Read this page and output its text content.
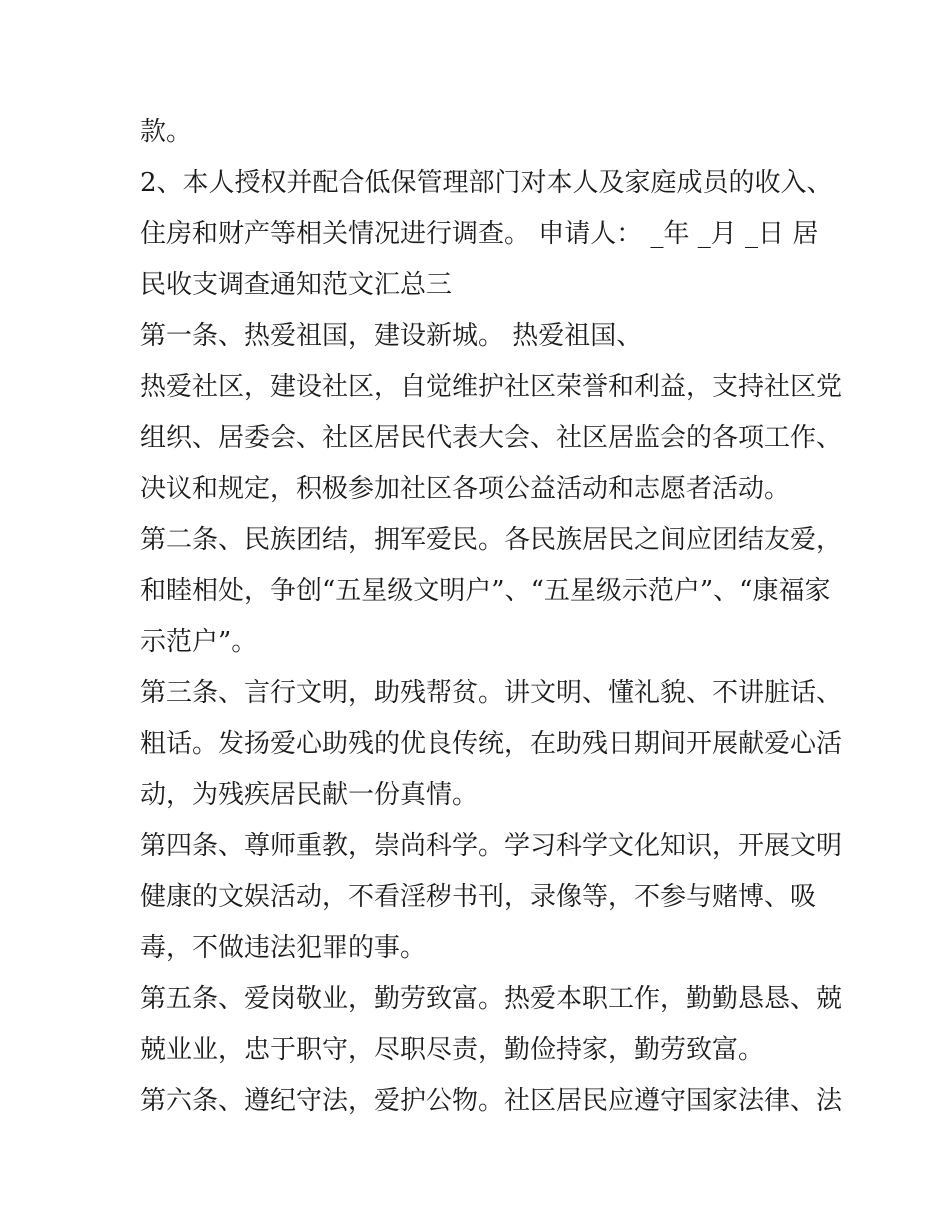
款。

2、本人授权并配合低保管理部门对本人及家庭成员的收入、

住房和财产等相关情况进行调查。 申请人： _年 _月 _日 居

民收支调查通知范文汇总三

第一条、热爱祖国，建设新城。 热爱祖国、

热爱社区，建设社区，自觉维护社区荣誉和利益，支持社区党

组织、居委会、社区居民代表大会、社区居监会的各项工作、

决议和规定，积极参加社区各项公益活动和志愿者活动。

第二条、民族团结，拥军爱民。各民族居民之间应团结友爱，

和睦相处，争创“五星级文明户”、“五星级示范户”、“康福家

示范户”。

第三条、言行文明，助残帮贫。讲文明、懂礼貌、不讲脏话、

粗话。发扬爱心助残的优良传统，在助残日期间开展献爱心活

动，为残疾居民献一份真情。

第四条、尊师重教，崇尚科学。学习科学文化知识，开展文明

健康的文娱活动，不看淫秽书刊，录像等，不参与赌博、吸

毒，不做违法犯罪的事。

第五条、爱岗敬业，勤劳致富。热爱本职工作，勤勤恳恳、兢

兢业业，忠于职守，尽职尽责，勤俭持家，勤劳致富。

第六条、遵纪守法，爱护公物。社区居民应遵守国家法律、法
